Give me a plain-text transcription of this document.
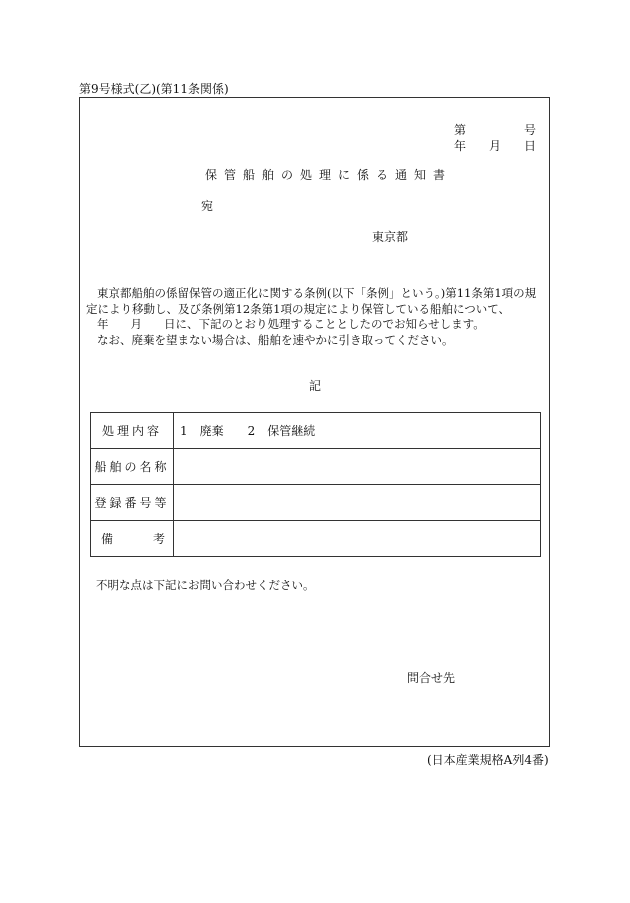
第9号様式(乙)(第11条関係)
第	号
年 月 日
保管船舶の処理に係る通知書
宛
東京都
東京都船舶の係留保管の適正化に関する条例(以下「条例」という。)第11条第1項の規
定により移動し、及び条例第12条第1項の規定により保管している船舶について、
年 月 日に、下記のとおり処理することとしたのでお知らせします。
なお、廃棄を望まない場合は、船舶を速やかに引き取ってください。
記
処理内容	1　廃棄　　2　保管継続
船舶の名称	
登録番号等	

備 考	

不明な点は下記にお問い合わせください。
問合せ先
(日本産業規格A列4番)
